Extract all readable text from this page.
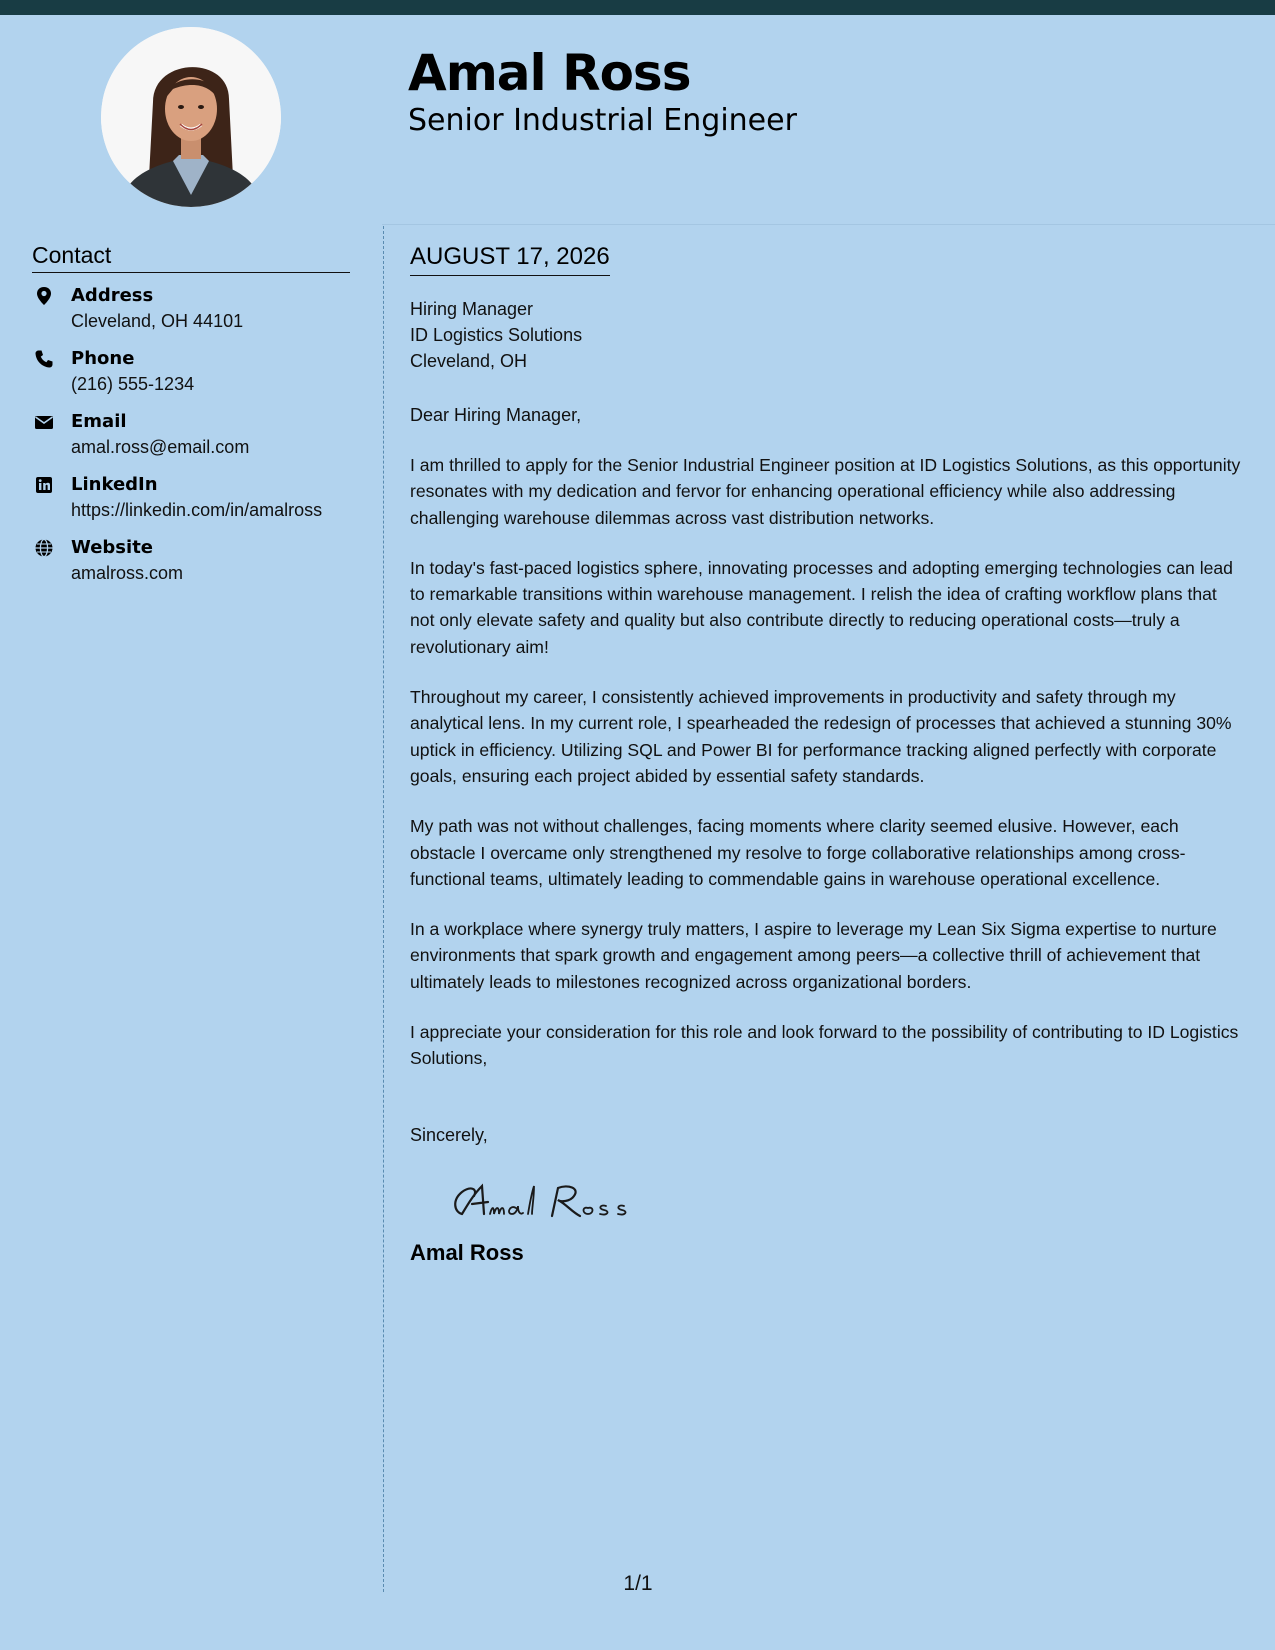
Amal Ross
Senior Industrial Engineer
Contact
Address
Cleveland, OH 44101
Phone
(216) 555-1234
Email
amal.ross@email.com
LinkedIn
https://linkedin.com/in/amalross
Website
amalross.com
AUGUST 17, 2026
Hiring Manager
ID Logistics Solutions
Cleveland, OH
Dear Hiring Manager,

I am thrilled to apply for the Senior Industrial Engineer position at ID Logistics Solutions, as this opportunity resonates with my dedication and fervor for enhancing operational efficiency while also addressing challenging warehouse dilemmas across vast distribution networks.

In today's fast-paced logistics sphere, innovating processes and adopting emerging technologies can lead to remarkable transitions within warehouse management. I relish the idea of crafting workflow plans that not only elevate safety and quality but also contribute directly to reducing operational costs—truly a revolutionary aim!

Throughout my career, I consistently achieved improvements in productivity and safety through my analytical lens. In my current role, I spearheaded the redesign of processes that achieved a stunning 30% uptick in efficiency. Utilizing SQL and Power BI for performance tracking aligned perfectly with corporate goals, ensuring each project abided by essential safety standards.

My path was not without challenges, facing moments where clarity seemed elusive. However, each obstacle I overcame only strengthened my resolve to forge collaborative relationships among cross-functional teams, ultimately leading to commendable gains in warehouse operational excellence.

In a workplace where synergy truly matters, I aspire to leverage my Lean Six Sigma expertise to nurture environments that spark growth and engagement among peers—a collective thrill of achievement that ultimately leads to milestones recognized across organizational borders.

I appreciate your consideration for this role and look forward to the possibility of contributing to ID Logistics Solutions,

Sincerely,
Amal Ross
1/1
